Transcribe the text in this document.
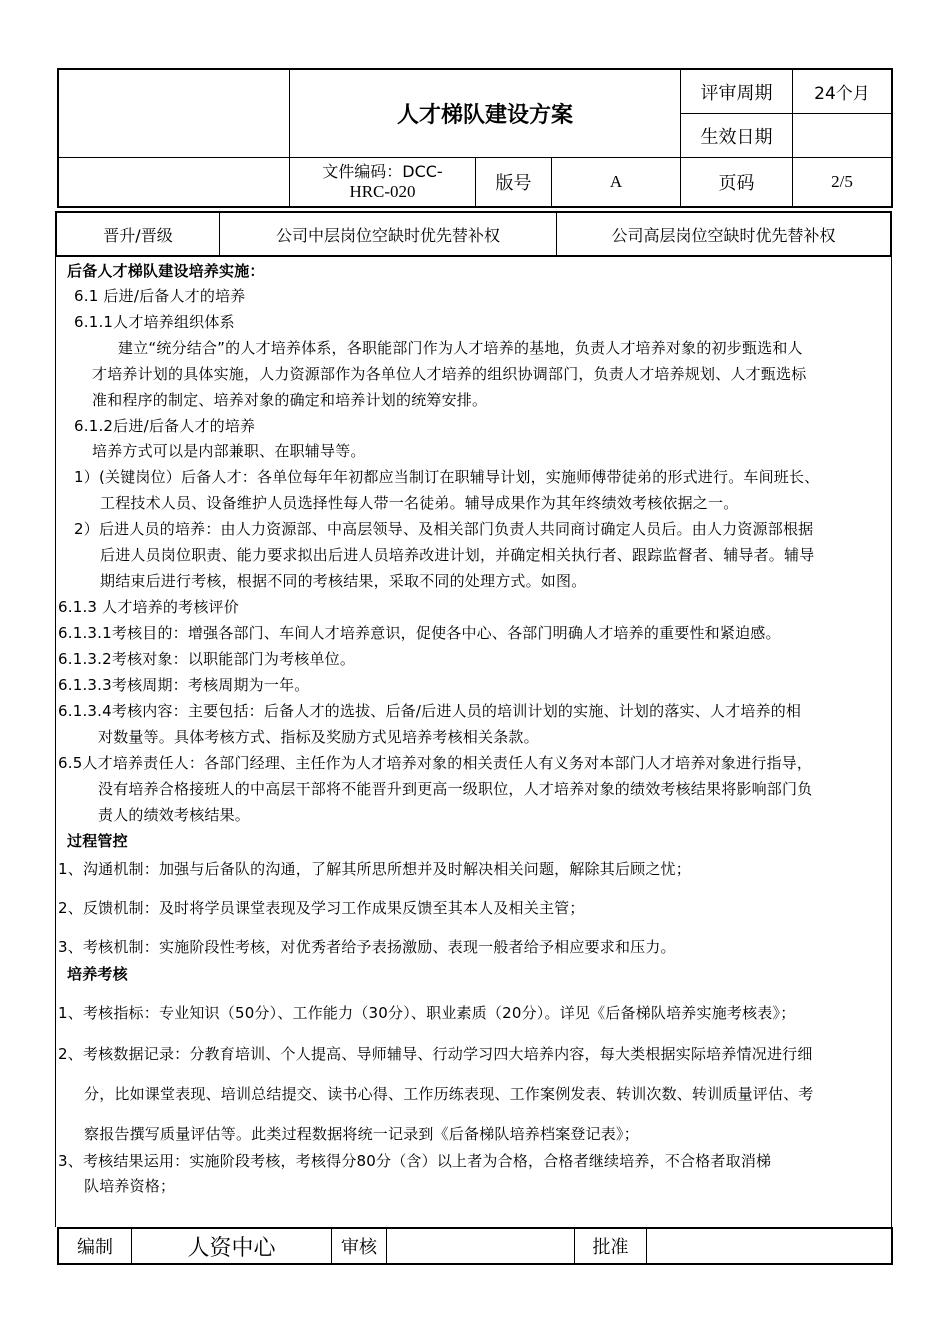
人才梯队建设方案
评审周期	24个月
生效日期
文件编码：DCC-
HRC-020	版号	A	页码	2/5
晋升/晋级	公司中层岗位空缺时优先替补权	公司高层岗位空缺时优先替补权
后备人才梯队建设培养实施：
6.1 后进/后备人才的培养
6.1.1人才培养组织体系
建立“统分结合”的人才培养体系，各职能部门作为人才培养的基地，负责人才培养对象的初步甄选和人
才培养计划的具体实施，人力资源部作为各单位人才培养的组织协调部门，负责人才培养规划、人才甄选标
准和程序的制定、培养对象的确定和培养计划的统筹安排。
6.1.2后进/后备人才的培养
培养方式可以是内部兼职、在职辅导等。
1）(关键岗位）后备人才：各单位每年年初都应当制订在职辅导计划，实施师傅带徒弟的形式进行。车间班长、
工程技术人员、设备维护人员选择性每人带一名徒弟。辅导成果作为其年终绩效考核依据之一。
2）后进人员的培养：由人力资源部、中高层领导、及相关部门负责人共同商讨确定人员后。由人力资源部根据
后进人员岗位职责、能力要求拟出后进人员培养改进计划，并确定相关执行者、跟踪监督者、辅导者。辅导
期结束后进行考核，根据不同的考核结果，采取不同的处理方式。如图。
6.1.3 人才培养的考核评价
6.1.3.1考核目的：增强各部门、车间人才培养意识，促使各中心、各部门明确人才培养的重要性和紧迫感。
6.1.3.2考核对象：以职能部门为考核单位。
6.1.3.3考核周期：考核周期为一年。
6.1.3.4考核内容：主要包括：后备人才的选拔、后备/后进人员的培训计划的实施、计划的落实、人才培养的相
对数量等。具体考核方式、指标及奖励方式见培养考核相关条款。
6.5人才培养责任人：各部门经理、主任作为人才培养对象的相关责任人有义务对本部门人才培养对象进行指导，
没有培养合格接班人的中高层干部将不能晋升到更高一级职位，人才培养对象的绩效考核结果将影响部门负
责人的绩效考核结果。
过程管控
1、沟通机制：加强与后备队的沟通，了解其所思所想并及时解决相关问题，解除其后顾之忧；
2、反馈机制：及时将学员课堂表现及学习工作成果反馈至其本人及相关主管；
3、考核机制：实施阶段性考核，对优秀者给予表扬激励、表现一般者给予相应要求和压力。
培养考核
1、考核指标：专业知识（50分）、工作能力（30分）、职业素质（20分）。详见《后备梯队培养实施考核表》；
2、考核数据记录：分教育培训、个人提高、导师辅导、行动学习四大培养内容，每大类根据实际培养情况进行细
分，比如课堂表现、培训总结提交、读书心得、工作历练表现、工作案例发表、转训次数、转训质量评估、考
察报告撰写质量评估等。此类过程数据将统一记录到《后备梯队培养档案登记表》；
3、考核结果运用：实施阶段考核，考核得分80分（含）以上者为合格，合格者继续培养，不合格者取消梯
队培养资格；
编制	人资中心	审核	批准
